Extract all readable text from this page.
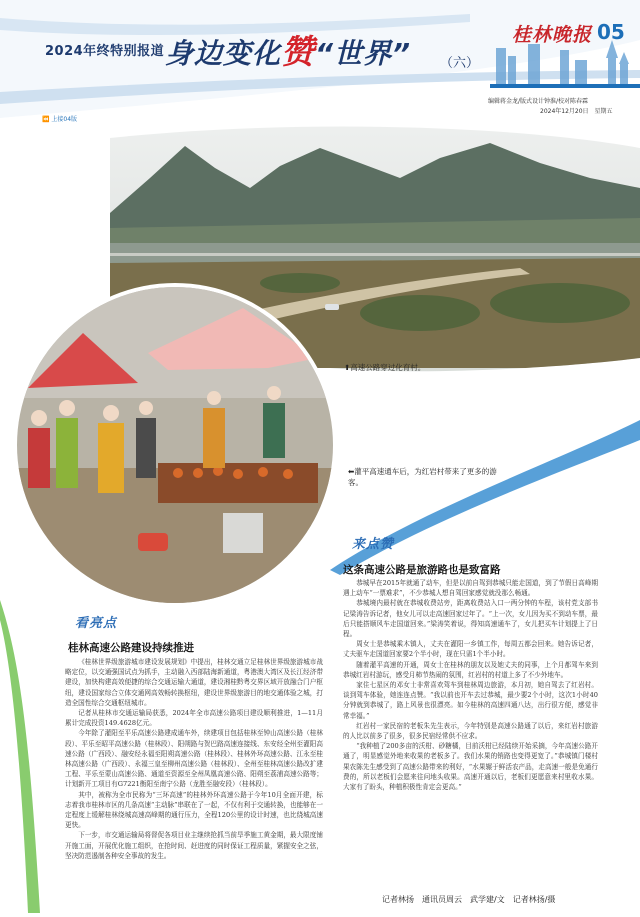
2024年终特别报道 身边变化赞“世界” （六）
桂林晚报 05
编辑蒋金龙/版式设计钟淮/校对陈春霖
2024年12月20日　星期五
⬆高速公路穿过化育村。
⬅灌平高速通车后，为红岩村带来了更多的游客。
⏪ 上接04版
看亮点
桂林高速公路建设持续推进

《桂林世界级旅游城市建设发展规划》中提出，桂林交通立足桂林世界级旅游城市战略定位，以交通强国试点为抓手，主动融入西部陆海新通道，粤港澳大湾区及长江经济带建设，加快构建高效便捷的综合交通运输大通道，建设湘桂黔粤交界区域开放融合门户枢纽，建设国家综合立体交通网高效畅转换枢纽，建设世界级旅游目的地交通体验之城，打造全国性综合交通枢纽城市。

记者从桂林市交通运输局获悉，2024年全市高速公路项目建设顺利推进，1—11月累计完成投资149.4628亿元。

今年除了灌阳至平乐高速公路建成通车外，续建项目包括桂林至钟山高速公路（桂林段）、平乐至昭平高速公路（桂林段）、阳朔路与贺巴路高速连接线、东安经全州至灌阳高速公路（广西段）、融安经永福至阳朔高速公路（桂林段）、桂林外环高速公路、江永至桂林高速公路（广西段）、永福三皇至柳州高速公路（桂林段）、全州至桂林高速公路改扩建工程、平乐至蒙山高速公路、通道至资源至全州凤凰高速公路、阳朔至荔浦高速公路等；计划新开工项目有G7221衡阳至南宁公路（龙胜至融安段）（桂林段）。

其中，被称为全市民称为“三环高速”的桂林外环高速公路于今年10月全面开建，标志着我市桂林市区的几条高速“主动脉”串联在了一起，不仅有利于交通转换，也能够在一定程度上缓解桂林绕城高速高峰期的通行压力，全程120公里的设计时速，也比绕城高速更快。

下一步，市交通运输局将督促各项目业主继续抢抓当前旱季施工黄金期，最大限度铺开施工面，开展优化施工组织，在抢时间、赶进度的同时保证工程质量，紧握安全之弦，坚决防范遏制各种安全事故的发生。

来点赞
这条高速公路是旅游路也是致富路

恭城早在2015年就通了动车，但是以前自驾到恭城只能走国道，到了节假日高峰期遇上动车“一票难求”，不少恭城人想自驾回家感觉就没那么畅通。

恭城境内最村就在恭城收费站旁，距离收费站入口一两分钟的车程，该村党支部书记梁涛告诉记者，他女儿可以走高速回家过年了。“上一次，女儿因为买不到动车票，最后只能搭顺风车走国道回来。”梁涛笑着说，得知高速通车了，女儿把买车计划提上了日程。

周女士是恭城乘木镇人，丈夫在灌阳一乡镇工作，每周五都会回来。她告诉记者，丈夫驱车走国道回家要2个半小时，现在只需1个半小时。

随着灌平高速的开通，周女士在桂林的朋友以及她丈夫的同事，上个月都驾车来到恭城红岩村游玩，感受月柿节热闹的氛围，红岩村的村道上多了不少外地车。

家住七星区的邓女士非常喜欢驾车到桂林周边旅游，本月初，她自驾去了红岩村。谈到驾车体验，她连连点赞。“我以前也开车去过恭城，最少要2个小时，这次1小时40分钟就到恭城了，路上风景也很漂亮。如今桂林的高速四通八达，出行很方便，感觉非常幸福。”

红岩村一家民宿的老板朱先生表示，今年特别是高速公路通了以后，来红岩村旅游的人比以前多了很多，很多民宿经常供不应求。

“我种植了200多亩的沃柑、砂糖橘，目前沃柑已经陆续开始采摘，今年高速公路开通了，明显感觉外地来收果的老板多了。我们水果的销路也变得更宽了。”恭城镇门楼村果农陈先生感受到了高速公路带来的利好，“水果辗于鲜活农产品，走高速一般是免通行费的，所以老板们会愿来往问地头收果。高速开通以后，老板们更愿意来村里收水果。大家有了盼头，种植积极性肯定会更高。”

记者林扬　通讯员周云　武学建/文　记者林扬/摄
